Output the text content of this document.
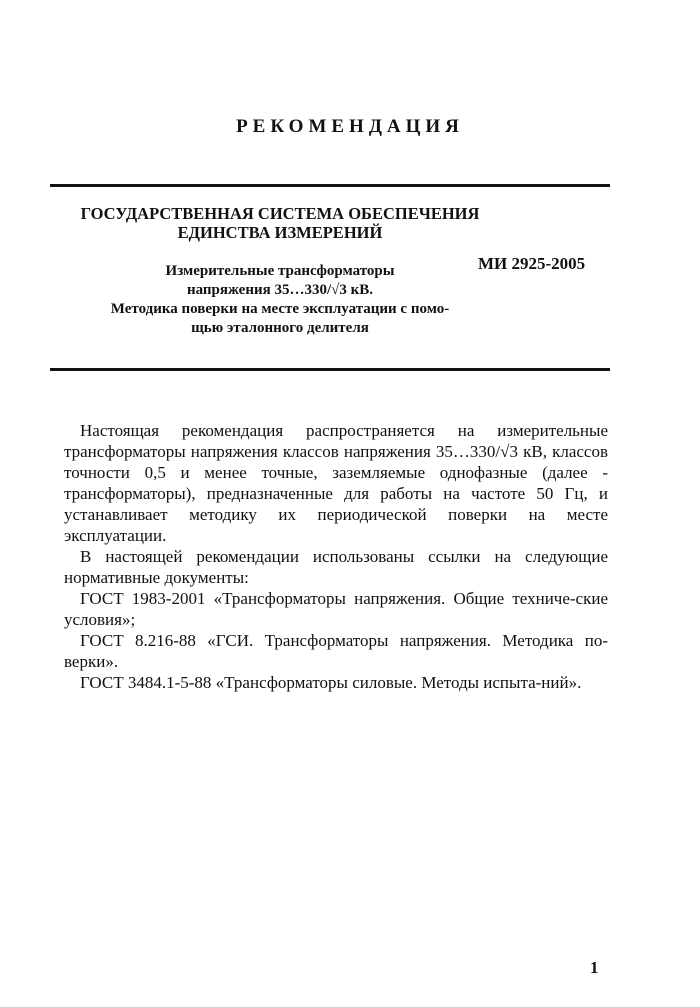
РЕКОМЕНДАЦИЯ
ГОСУДАРСТВЕННАЯ СИСТЕМА ОБЕСПЕЧЕНИЯ
ЕДИНСТВА ИЗМЕРЕНИЙ
МИ 2925-2005
Измерительные трансформаторы
напряжения 35…330/√3 кВ.
Методика поверки на месте эксплуатации с помо-
щью эталонного делителя

Настоящая рекомендация распространяется на измерительные трансформаторы напряжения классов напряжения 35…330/√3 кВ, классов точности 0,5 и менее точные, заземляемые однофазные (далее - трансформаторы), предназначенные для работы на частоте 50 Гц, и устанавливает методику их периодической поверки на месте эксплуатации.

В настоящей рекомендации использованы ссылки на следующие нормативные документы:

ГОСТ 1983-2001 «Трансформаторы напряжения. Общие техниче-ские условия»;

ГОСТ 8.216-88 «ГСИ. Трансформаторы напряжения. Методика по-верки».

ГОСТ 3484.1-5-88 «Трансформаторы силовые. Методы испыта-ний».

1
